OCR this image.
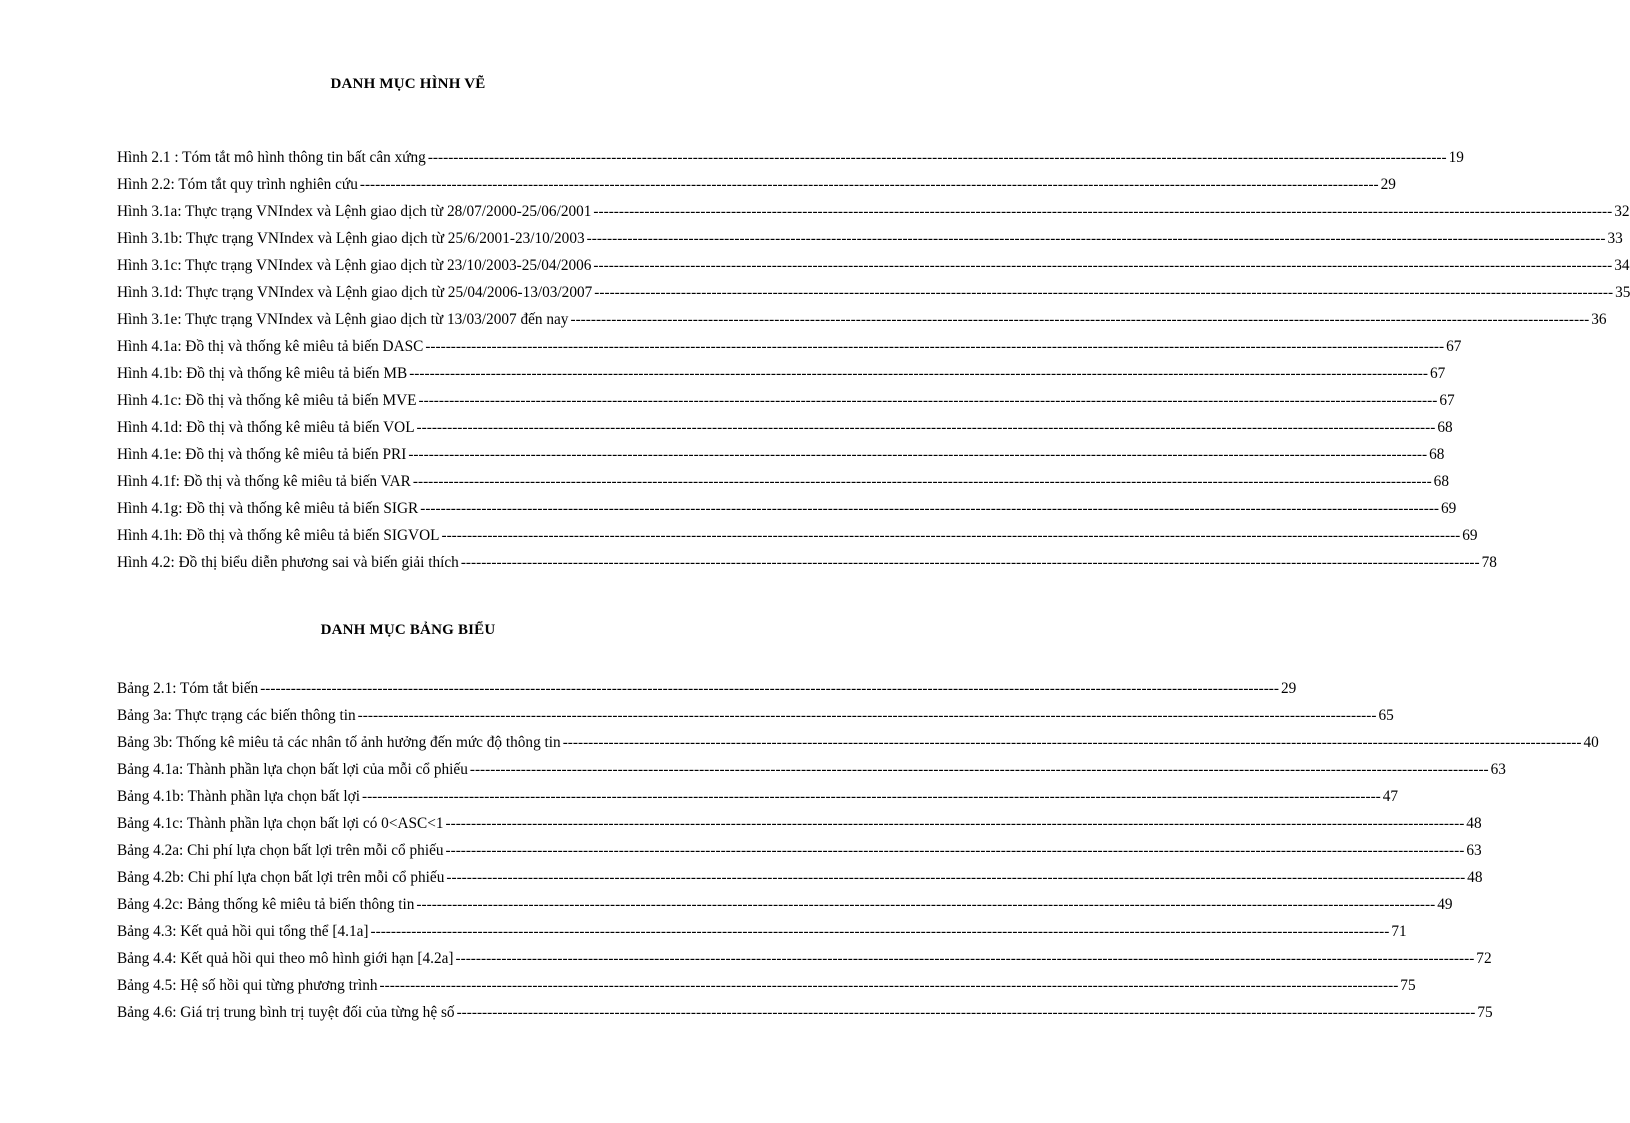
DANH MỤC HÌNH VẼ
Hình 2.1 : Tóm tắt mô hình thông tin bất cân xứng -------------------------------------------------------------------------------------------------------------------------------------------------------------------------------------------------------- 19
Hình 2.2: Tóm tắt quy trình nghiên cứu -------------------------------------------------------------------------------------------------------------------------------------------------------------------------------------------------------- 29
Hình 3.1a: Thực trạng VNIndex và Lệnh giao dịch từ 28/07/2000-25/06/2001 -------------------------------------------------------------------------------------------------------------------------------------------------------------------------------------------------------- 32
Hình 3.1b: Thực trạng VNIndex và Lệnh giao dịch từ 25/6/2001-23/10/2003 -------------------------------------------------------------------------------------------------------------------------------------------------------------------------------------------------------- 33
Hình 3.1c: Thực trạng VNIndex và Lệnh giao dịch từ 23/10/2003-25/04/2006 -------------------------------------------------------------------------------------------------------------------------------------------------------------------------------------------------------- 34
Hình 3.1d: Thực trạng VNIndex và Lệnh giao dịch từ 25/04/2006-13/03/2007 -------------------------------------------------------------------------------------------------------------------------------------------------------------------------------------------------------- 35
Hình 3.1e: Thực trạng VNIndex và Lệnh giao dịch từ 13/03/2007 đến nay -------------------------------------------------------------------------------------------------------------------------------------------------------------------------------------------------------- 36
Hình 4.1a: Đồ thị và thống kê miêu tả biến DASC -------------------------------------------------------------------------------------------------------------------------------------------------------------------------------------------------------- 67
Hình 4.1b: Đồ thị và thống kê miêu tả biến MB -------------------------------------------------------------------------------------------------------------------------------------------------------------------------------------------------------- 67
Hình 4.1c: Đồ thị và thống kê miêu tả biến MVE -------------------------------------------------------------------------------------------------------------------------------------------------------------------------------------------------------- 67
Hình 4.1d: Đồ thị và thống kê miêu tả biến VOL -------------------------------------------------------------------------------------------------------------------------------------------------------------------------------------------------------- 68
Hình 4.1e: Đồ thị và thống kê miêu tả biến PRI -------------------------------------------------------------------------------------------------------------------------------------------------------------------------------------------------------- 68
Hình 4.1f: Đồ thị và thống kê miêu tả biến VAR -------------------------------------------------------------------------------------------------------------------------------------------------------------------------------------------------------- 68
Hình 4.1g: Đồ thị và thống kê miêu tả biến SIGR -------------------------------------------------------------------------------------------------------------------------------------------------------------------------------------------------------- 69
Hình 4.1h: Đồ thị và thống kê miêu tả biến SIGVOL -------------------------------------------------------------------------------------------------------------------------------------------------------------------------------------------------------- 69
Hình 4.2: Đồ thị biểu diễn phương sai và biến giải thích -------------------------------------------------------------------------------------------------------------------------------------------------------------------------------------------------------- 78
DANH MỤC BẢNG BIỂU
Bảng 2.1: Tóm tắt biến -------------------------------------------------------------------------------------------------------------------------------------------------------------------------------------------------------- 29
Bảng 3a: Thực trạng các biến thông tin -------------------------------------------------------------------------------------------------------------------------------------------------------------------------------------------------------- 65
Bảng 3b: Thống kê miêu tả các nhân tố ảnh hưởng đến mức độ thông tin -------------------------------------------------------------------------------------------------------------------------------------------------------------------------------------------------------- 40
Bảng 4.1a: Thành phần lựa chọn bất lợi của mỗi cổ phiếu -------------------------------------------------------------------------------------------------------------------------------------------------------------------------------------------------------- 63
Bảng 4.1b: Thành phần lựa chọn bất lợi -------------------------------------------------------------------------------------------------------------------------------------------------------------------------------------------------------- 47
Bảng 4.1c: Thành phần lựa chọn bất lợi có 0<ASC<1 -------------------------------------------------------------------------------------------------------------------------------------------------------------------------------------------------------- 48
Bảng 4.2a: Chi phí lựa chọn bất lợi trên mỗi cổ phiếu -------------------------------------------------------------------------------------------------------------------------------------------------------------------------------------------------------- 63
Bảng 4.2b: Chi phí lựa chọn bất lợi trên mỗi cổ phiếu -------------------------------------------------------------------------------------------------------------------------------------------------------------------------------------------------------- 48
Bảng 4.2c: Bảng thống kê miêu tả biến thông tin -------------------------------------------------------------------------------------------------------------------------------------------------------------------------------------------------------- 49
Bảng 4.3: Kết quả hồi qui tổng thể [4.1a] -------------------------------------------------------------------------------------------------------------------------------------------------------------------------------------------------------- 71
Bảng 4.4: Kết quả hồi qui theo mô hình giới hạn [4.2a] -------------------------------------------------------------------------------------------------------------------------------------------------------------------------------------------------------- 72
Bảng 4.5: Hệ số hồi qui từng phương trình -------------------------------------------------------------------------------------------------------------------------------------------------------------------------------------------------------- 75
Bảng 4.6: Giá trị trung bình trị tuyệt đối của từng hệ số -------------------------------------------------------------------------------------------------------------------------------------------------------------------------------------------------------- 75
